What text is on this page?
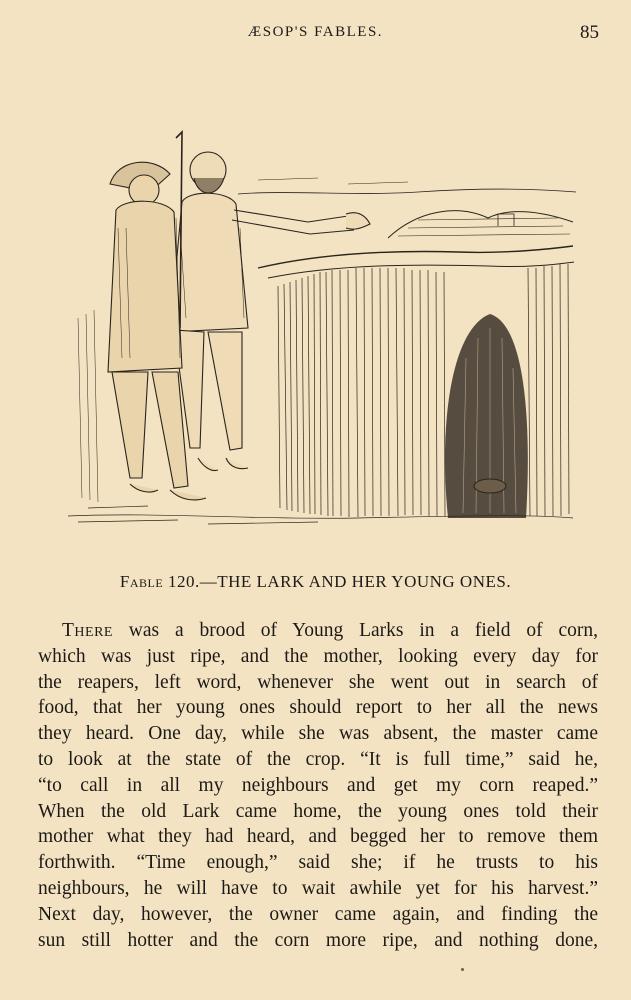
ÆSOP'S FABLES.	85
Fable 120.—THE LARK AND HER YOUNG ONES.
There was a brood of Young Larks in a field of corn,
which was just ripe, and the mother, looking every day for
the reapers, left word, whenever she went out in search of
food, that her young ones should report to her all the news
they heard. One day, while she was absent, the master came
to look at the state of the crop. “It is full time,” said he,
“to call in all my neighbours and get my corn reaped.”
When the old Lark came home, the young ones told their
mother what they had heard, and begged her to remove them
forthwith. “Time enough,” said she; if he trusts to his
neighbours, he will have to wait awhile yet for his harvest.”
Next day, however, the owner came again, and finding the
sun still hotter and the corn more ripe, and nothing done,
